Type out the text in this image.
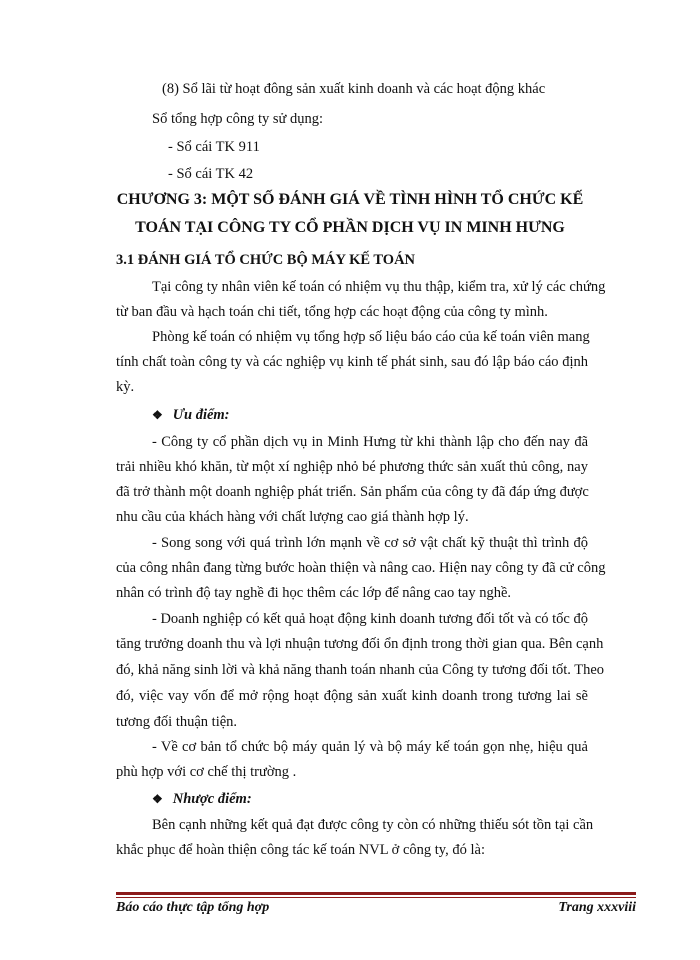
(8) Sổ lãi từ hoạt đông sản xuất kinh doanh và các hoạt động khác
Sổ tổng hợp công ty sử dụng:
- Sổ cái TK 911
- Sổ cái TK 42
CHƯƠNG 3: MỘT SỐ ĐÁNH GIÁ VỀ TÌNH HÌNH TỔ CHỨC KẾ
TOÁN TẠI CÔNG TY CỔ PHẦN DỊCH VỤ IN MINH HƯNG
3.1 ĐÁNH GIÁ TỔ CHỨC BỘ MÁY KẾ TOÁN
Tại công ty nhân viên kế toán có nhiệm vụ thu thập, kiểm tra, xử lý các chứng
từ ban đầu và hạch toán chi tiết, tổng hợp các hoạt động của công ty mình.
Phòng kế toán có nhiệm vụ tổng hợp số liệu báo cáo của kế toán viên mang
tính chất toàn công ty và các nghiệp vụ kinh tế phát sinh, sau đó lập báo cáo định
kỳ.
❖ Ưu điểm:
- Công ty cổ phần dịch vụ in Minh Hưng từ khi thành lập cho đến nay đã
trải nhiều khó khăn, từ một xí nghiệp nhỏ bé phương thức sản xuất thủ công, nay
đã trở thành một doanh nghiệp phát triển. Sản phẩm của công ty đã đáp ứng được
nhu cầu của khách hàng với chất lượng cao giá thành hợp lý.
- Song song với quá trình lớn mạnh về cơ sở vật chất kỹ thuật thì trình độ
của công nhân đang từng bước hoàn thiện và nâng cao. Hiện nay công ty đã cử công
nhân có trình độ tay nghề đi học thêm các lớp để nâng cao tay nghề.
- Doanh nghiệp có kết quả hoạt động kinh doanh tương đối tốt và có tốc độ
tăng trưởng doanh thu và lợi nhuận tương đối ổn định trong thời gian qua. Bên cạnh
đó, khả năng sinh lời và khả năng thanh toán nhanh của Công ty tương đối tốt. Theo
đó, việc vay vốn để mở rộng hoạt động sản xuất kinh doanh trong tương lai sẽ
tương đối thuận tiện.
- Về cơ bản tổ chức bộ máy quản lý và bộ máy kế toán gọn nhẹ, hiệu quả
phù hợp với cơ chế thị trường .
❖ Nhược điểm:
Bên cạnh những kết quả đạt được công ty còn có những thiếu sót tồn tại cần
khắc phục để hoàn thiện công tác kế toán NVL ở công ty, đó là:
Báo cáo thực tập tổng hợp	Trang xxxviii
